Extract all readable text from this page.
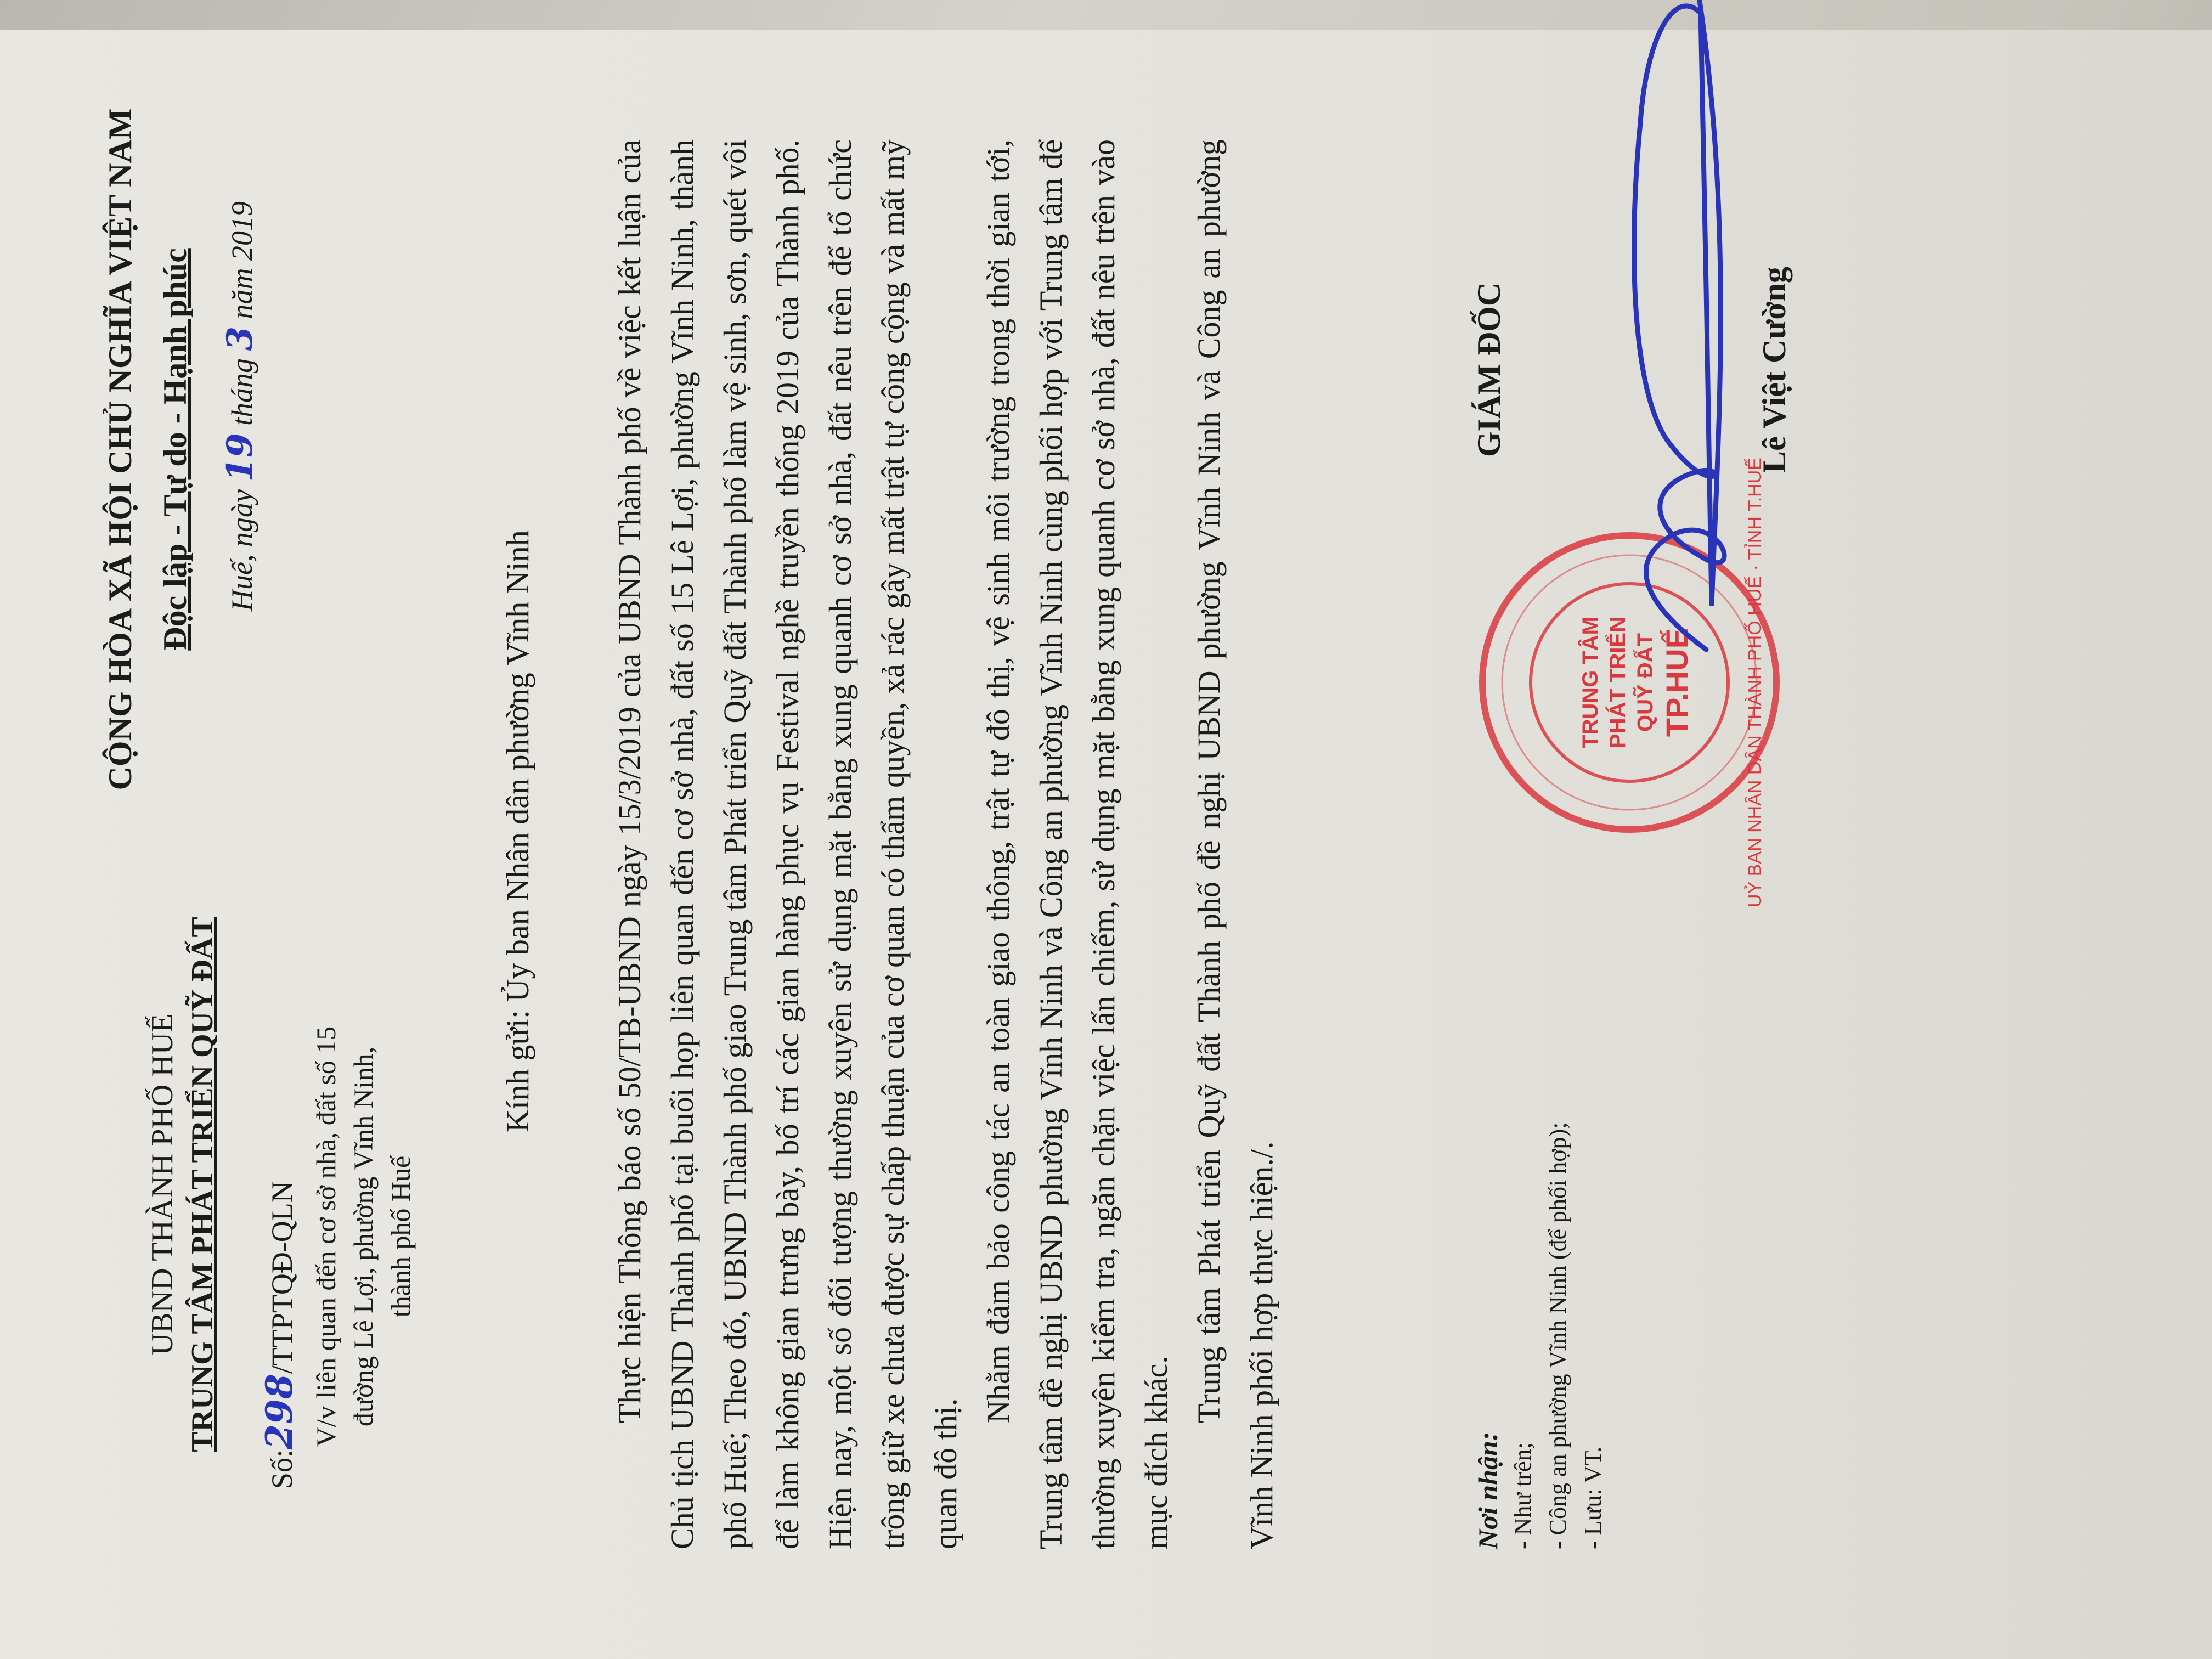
UBND THÀNH PHỐ HUẾ TRUNG TÂM PHÁT TRIỂN QUỸ ĐẤT
Số:298/TTPTQĐ-QLN V/v liên quan đến cơ sở nhà, đất số 15 đường Lê Lợi, phường Vĩnh Ninh, thành phố Huế
CỘNG HÒA XÃ HỘI CHỦ NGHĨA VIỆT NAM Độc lập - Tự do - Hạnh phúc Huế, ngày 19 tháng 3 năm 2019
Kính gửi: Ủy ban Nhân dân phường Vĩnh Ninh Thực hiện Thông báo số 50/TB-UBND ngày 15/3/2019 của UBND Thành phố về việc kết luận của Chủ tịch UBND Thành phố tại buổi họp liên quan đến cơ sở nhà, đất số 15 Lê Lợi, phường Vĩnh Ninh, thành phố Huế; Theo đó, UBND Thành phố giao Trung tâm Phát triển Quỹ đất Thành phố làm vệ sinh, sơn, quét vôi để làm không gian trưng bày, bố trí các gian hàng phục vụ Festival nghề truyền thống 2019 của Thành phố. Hiện nay, một số đối tượng thường xuyên sử dụng mặt bằng xung quanh cơ sở nhà, đất nêu trên để tổ chức trông giữ xe chưa được sự chấp thuận của cơ quan có thẩm quyền, xả rác gây mất trật tự công cộng và mất mỹ quan đô thị.
Nhằm đảm bảo công tác an toàn giao thông, trật tự đô thị, vệ sinh môi trường trong thời gian tới, Trung tâm đề nghị UBND phường Vĩnh Ninh và Công an phường Vĩnh Ninh cùng phối hợp với Trung tâm để thường xuyên kiểm tra, ngăn chặn việc lấn chiếm, sử dụng mặt bằng xung quanh cơ sở nhà, đất nêu trên vào mục đích khác.
Trung tâm Phát triển Quỹ đất Thành phố đề nghị UBND phường Vĩnh Ninh và Công an phường Vĩnh Ninh phối hợp thực hiện./.	Nơi nhận: - Như trên; - Công an phường Vĩnh Ninh (để phối hợp); - Lưu: VT.
GIÁM ĐỐC
TRUNG TÂM PHÁT TRIỂN QUỸ ĐẤT TP.HUẾ	UỶ BAN NHÂN DÂN THÀNH PHỐ HUẾ · TỈNH T.HUẾ
Lê Việt Cường
